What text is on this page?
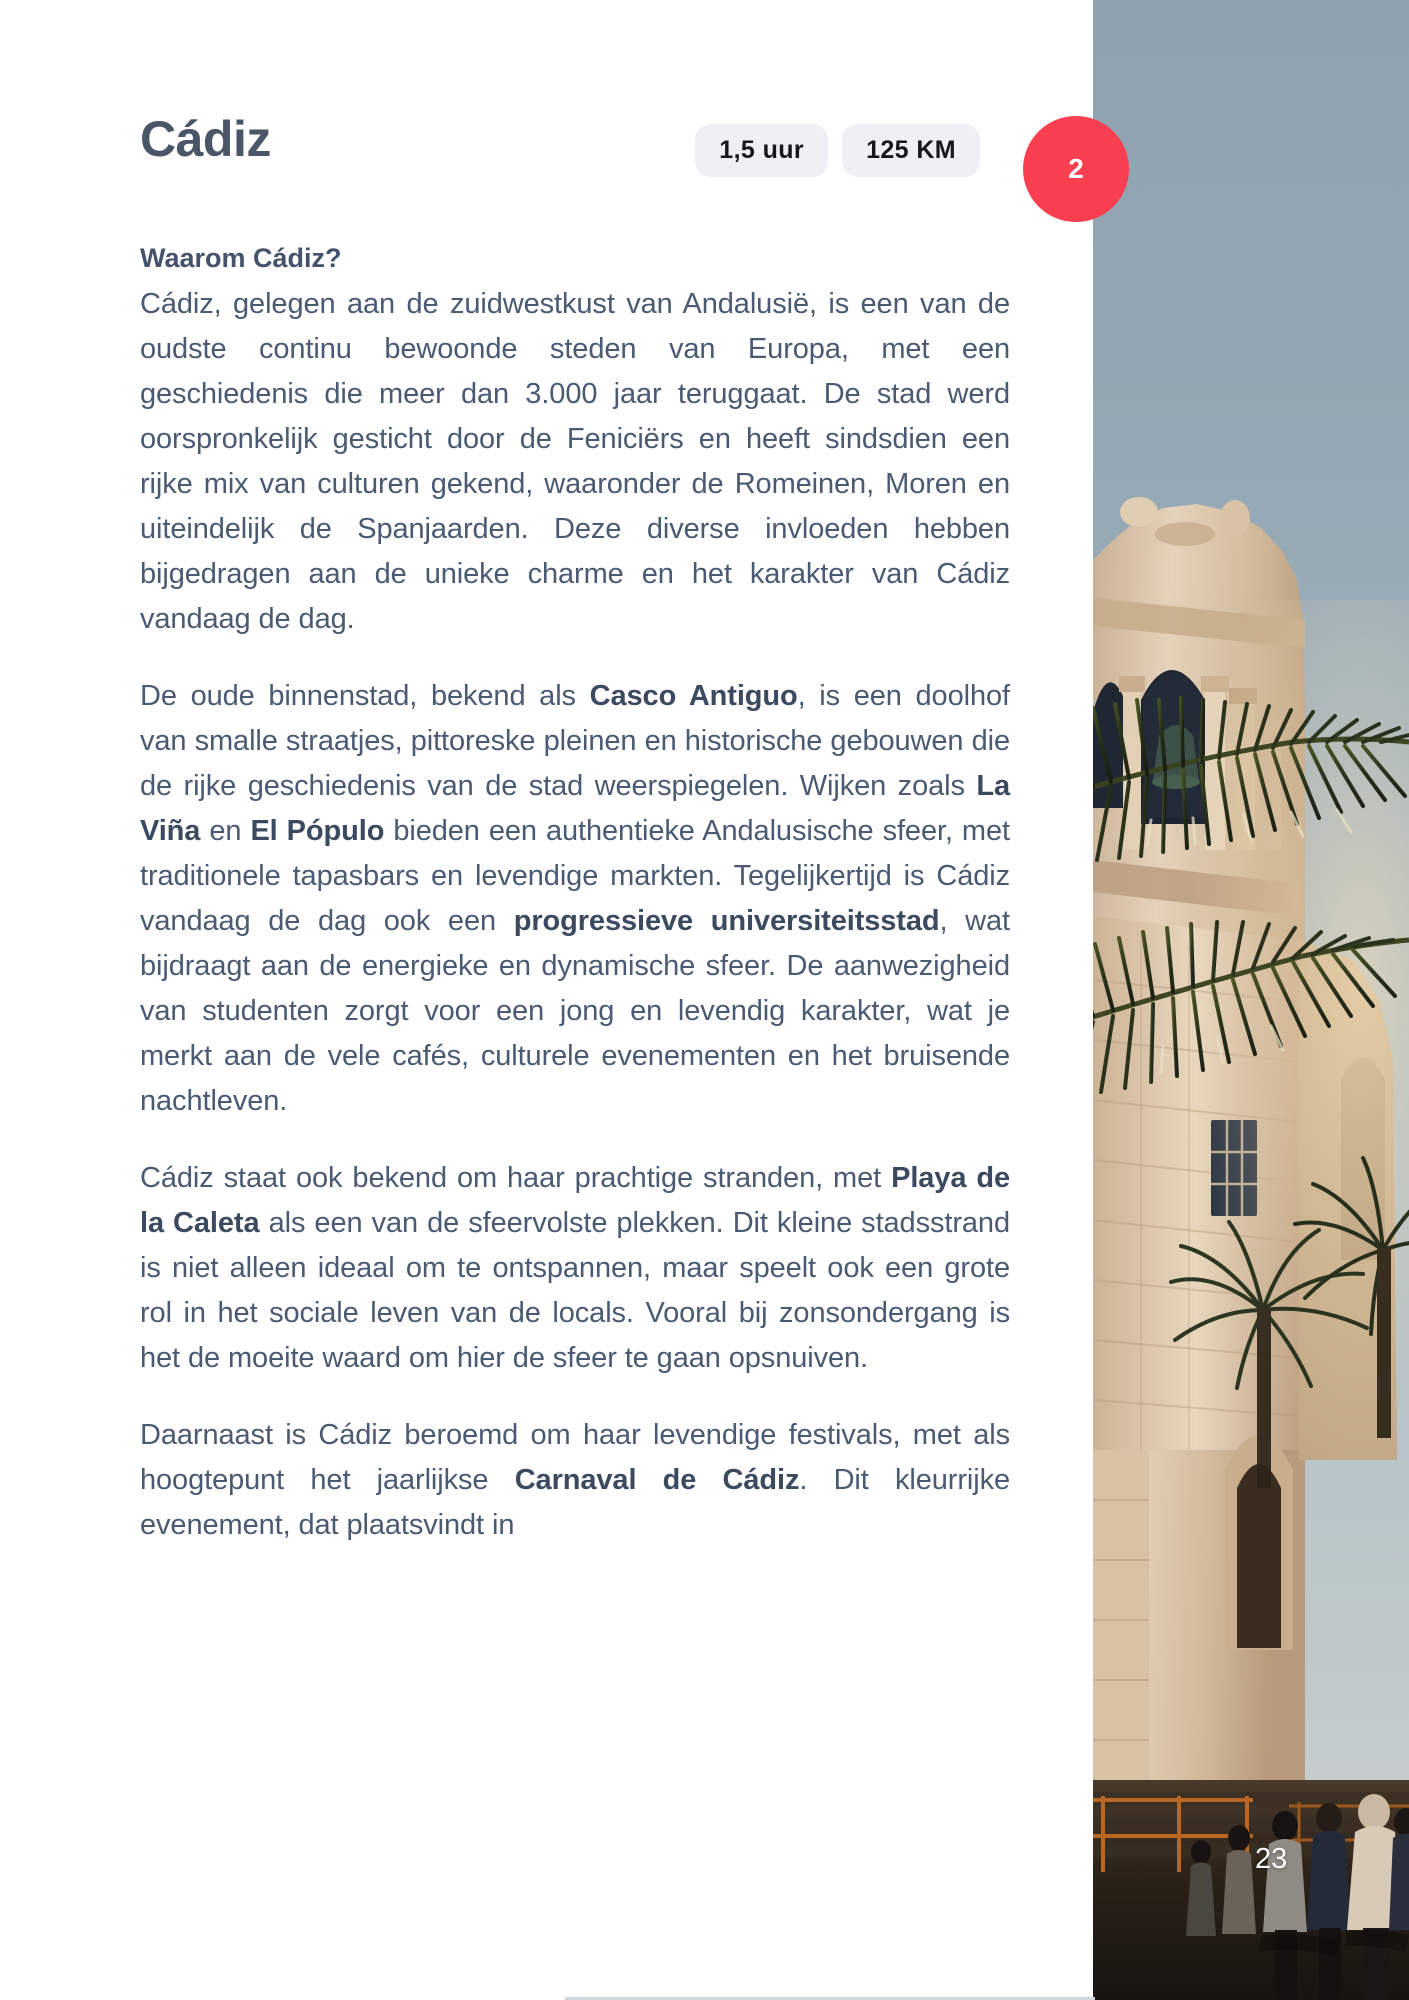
Cádiz	1,5 uur	125 KM
2
Waarom Cádiz?

Cádiz, gelegen aan de zuidwestkust van Andalusië, is een van de oudste continu bewoonde steden van Europa, met een geschiedenis die meer dan 3.000 jaar teruggaat. De stad werd oorspronkelijk gesticht door de Feniciërs en heeft sindsdien een rijke mix van culturen gekend, waaronder de Romeinen, Moren en uiteindelijk de Spanjaarden. Deze diverse invloeden hebben bijgedragen aan de unieke charme en het karakter van Cádiz vandaag de dag.

De oude binnenstad, bekend als Casco Antiguo, is een doolhof van smalle straatjes, pittoreske pleinen en historische gebouwen die de rijke geschiedenis van de stad weerspiegelen. Wijken zoals La Viña en El Pópulo bieden een authentieke Andalusische sfeer, met traditionele tapasbars en levendige markten. Tegelijkertijd is Cádiz vandaag de dag ook een progressieve universiteitsstad, wat bijdraagt aan de energieke en dynamische sfeer. De aanwezigheid van studenten zorgt voor een jong en levendig karakter, wat je merkt aan de vele cafés, culturele evenementen en het bruisende nachtleven.

Cádiz staat ook bekend om haar prachtige stranden, met Playa de la Caleta als een van de sfeervolste plekken. Dit kleine stadsstrand is niet alleen ideaal om te ontspannen, maar speelt ook een grote rol in het sociale leven van de locals. Vooral bij zonsondergang is het de moeite waard om hier de sfeer te gaan opsnuiven.

Daarnaast is Cádiz beroemd om haar levendige festivals, met als hoogtepunt het jaarlijkse Carnaval de Cádiz. Dit kleurrijke evenement, dat plaatsvindt in

23
